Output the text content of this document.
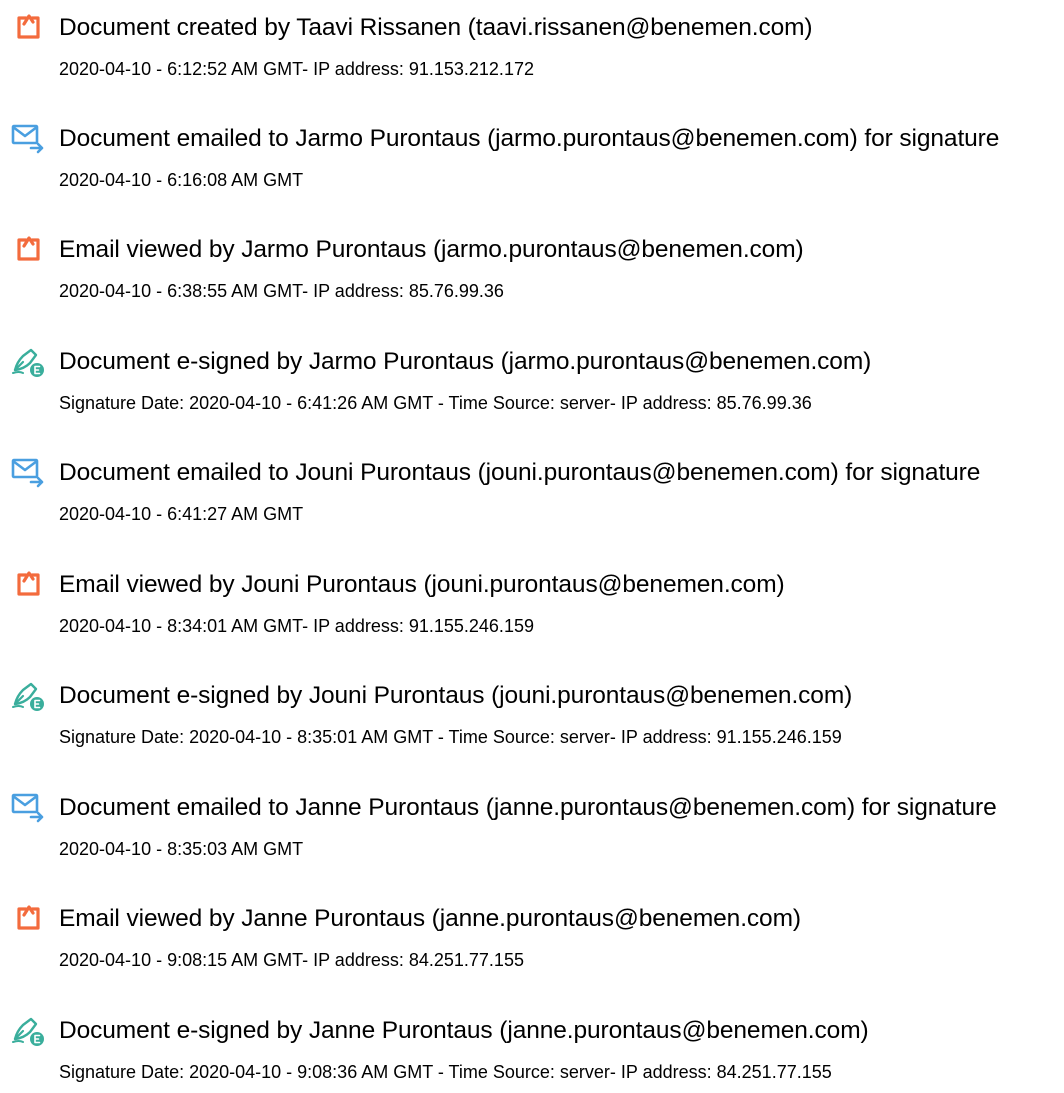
Document created by Taavi Rissanen (taavi.rissanen@benemen.com)
2020-04-10 - 6:12:52 AM GMT- IP address: 91.153.212.172
Document emailed to Jarmo Purontaus (jarmo.purontaus@benemen.com) for signature
2020-04-10 - 6:16:08 AM GMT
Email viewed by Jarmo Purontaus (jarmo.purontaus@benemen.com)
2020-04-10 - 6:38:55 AM GMT- IP address: 85.76.99.36
Document e-signed by Jarmo Purontaus (jarmo.purontaus@benemen.com)
Signature Date: 2020-04-10 - 6:41:26 AM GMT - Time Source: server- IP address: 85.76.99.36
Document emailed to Jouni Purontaus (jouni.purontaus@benemen.com) for signature
2020-04-10 - 6:41:27 AM GMT
Email viewed by Jouni Purontaus (jouni.purontaus@benemen.com)
2020-04-10 - 8:34:01 AM GMT- IP address: 91.155.246.159
Document e-signed by Jouni Purontaus (jouni.purontaus@benemen.com)
Signature Date: 2020-04-10 - 8:35:01 AM GMT - Time Source: server- IP address: 91.155.246.159
Document emailed to Janne Purontaus (janne.purontaus@benemen.com) for signature
2020-04-10 - 8:35:03 AM GMT
Email viewed by Janne Purontaus (janne.purontaus@benemen.com)
2020-04-10 - 9:08:15 AM GMT- IP address: 84.251.77.155
Document e-signed by Janne Purontaus (janne.purontaus@benemen.com)
Signature Date: 2020-04-10 - 9:08:36 AM GMT - Time Source: server- IP address: 84.251.77.155
